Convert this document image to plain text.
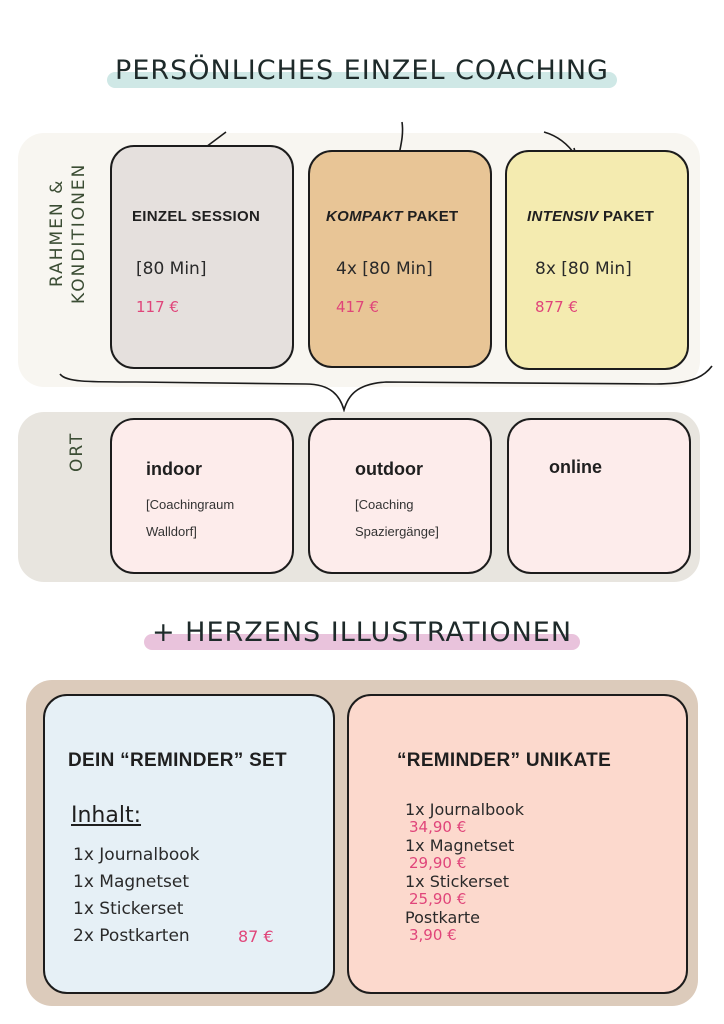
PERSÖNLICHES EINZEL COACHING
RAHMEN & KONDITIONEN	EINZEL SESSION
[80 Min]
117 €
KOMPAKT PAKET
4x [80 Min]
417 €
INTENSIV PAKET
8x [80 Min]
877 €
ORT	indoor
[Coachingraum
Walldorf]
outdoor
[Coaching
Spaziergänge]
online
+ HERZENS ILLUSTRATIONEN
DEIN “REMINDER” SET
Inhalt:
1x Journalbook
1x Magnetset
1x Stickerset
2x Postkarten	87 €
“REMINDER” UNIKATE
1x Journalbook
34,90 €
1x Magnetset
29,90 €
1x Stickerset
25,90 €
Postkarte
3,90 €
